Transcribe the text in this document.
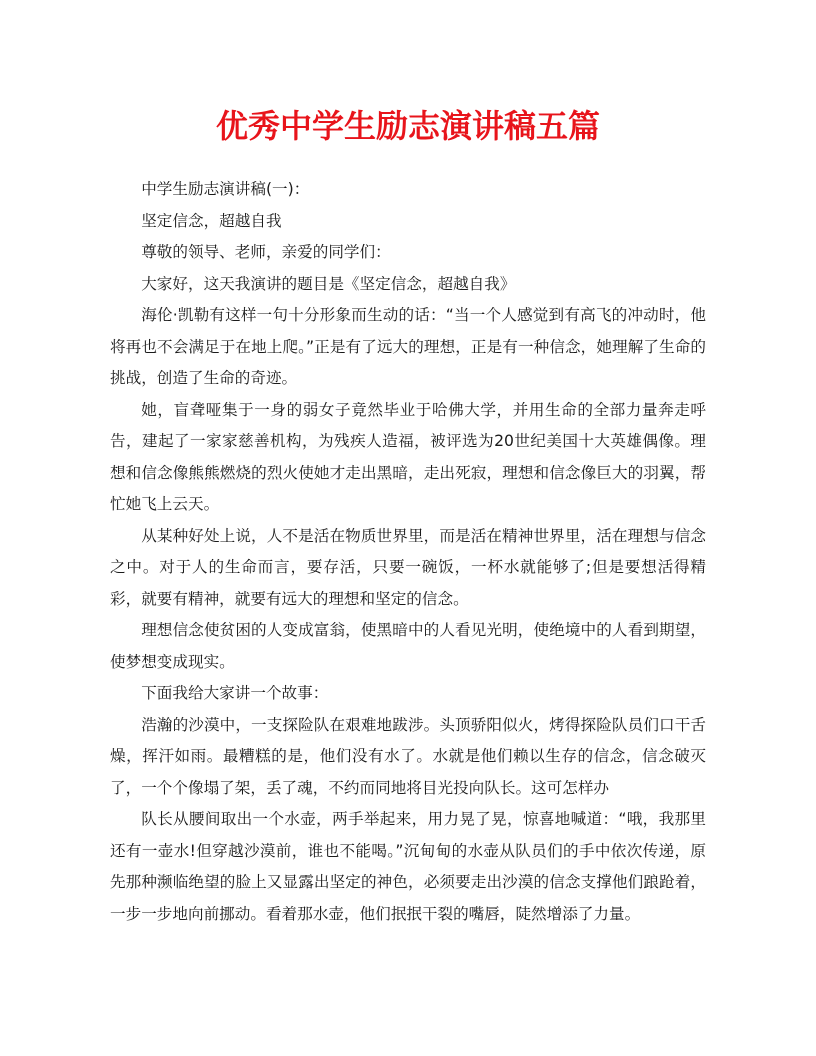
优秀中学生励志演讲稿五篇

中学生励志演讲稿(一)：

坚定信念，超越自我

尊敬的领导、老师，亲爱的同学们：

大家好，这天我演讲的题目是《坚定信念，超越自我》

海伦·凯勒有这样一句十分形象而生动的话：“当一个人感觉到有高飞的冲动时，他将再也不会满足于在地上爬。”正是有了远大的理想，正是有一种信念，她理解了生命的挑战，创造了生命的奇迹。

她，盲聋哑集于一身的弱女子竟然毕业于哈佛大学，并用生命的全部力量奔走呼告，建起了一家家慈善机构，为残疾人造福，被评选为20世纪美国十大英雄偶像。理想和信念像熊熊燃烧的烈火使她才走出黑暗，走出死寂，理想和信念像巨大的羽翼，帮忙她飞上云天。

从某种好处上说，人不是活在物质世界里，而是活在精神世界里，活在理想与信念之中。对于人的生命而言，要存活，只要一碗饭，一杯水就能够了;但是要想活得精彩，就要有精神，就要有远大的理想和坚定的信念。

理想信念使贫困的人变成富翁，使黑暗中的人看见光明，使绝境中的人看到期望，使梦想变成现实。

下面我给大家讲一个故事：

浩瀚的沙漠中，一支探险队在艰难地跋涉。头顶骄阳似火，烤得探险队员们口干舌燥，挥汗如雨。最糟糕的是，他们没有水了。水就是他们赖以生存的信念，信念破灭了，一个个像塌了架，丢了魂，不约而同地将目光投向队长。这可怎样办

队长从腰间取出一个水壶，两手举起来，用力晃了晃，惊喜地喊道：“哦，我那里还有一壶水!但穿越沙漠前，谁也不能喝。”沉甸甸的水壶从队员们的手中依次传递，原先那种濒临绝望的脸上又显露出坚定的神色，必须要走出沙漠的信念支撑他们踉跄着，一步一步地向前挪动。看着那水壶，他们抿抿干裂的嘴唇，陡然增添了力量。
